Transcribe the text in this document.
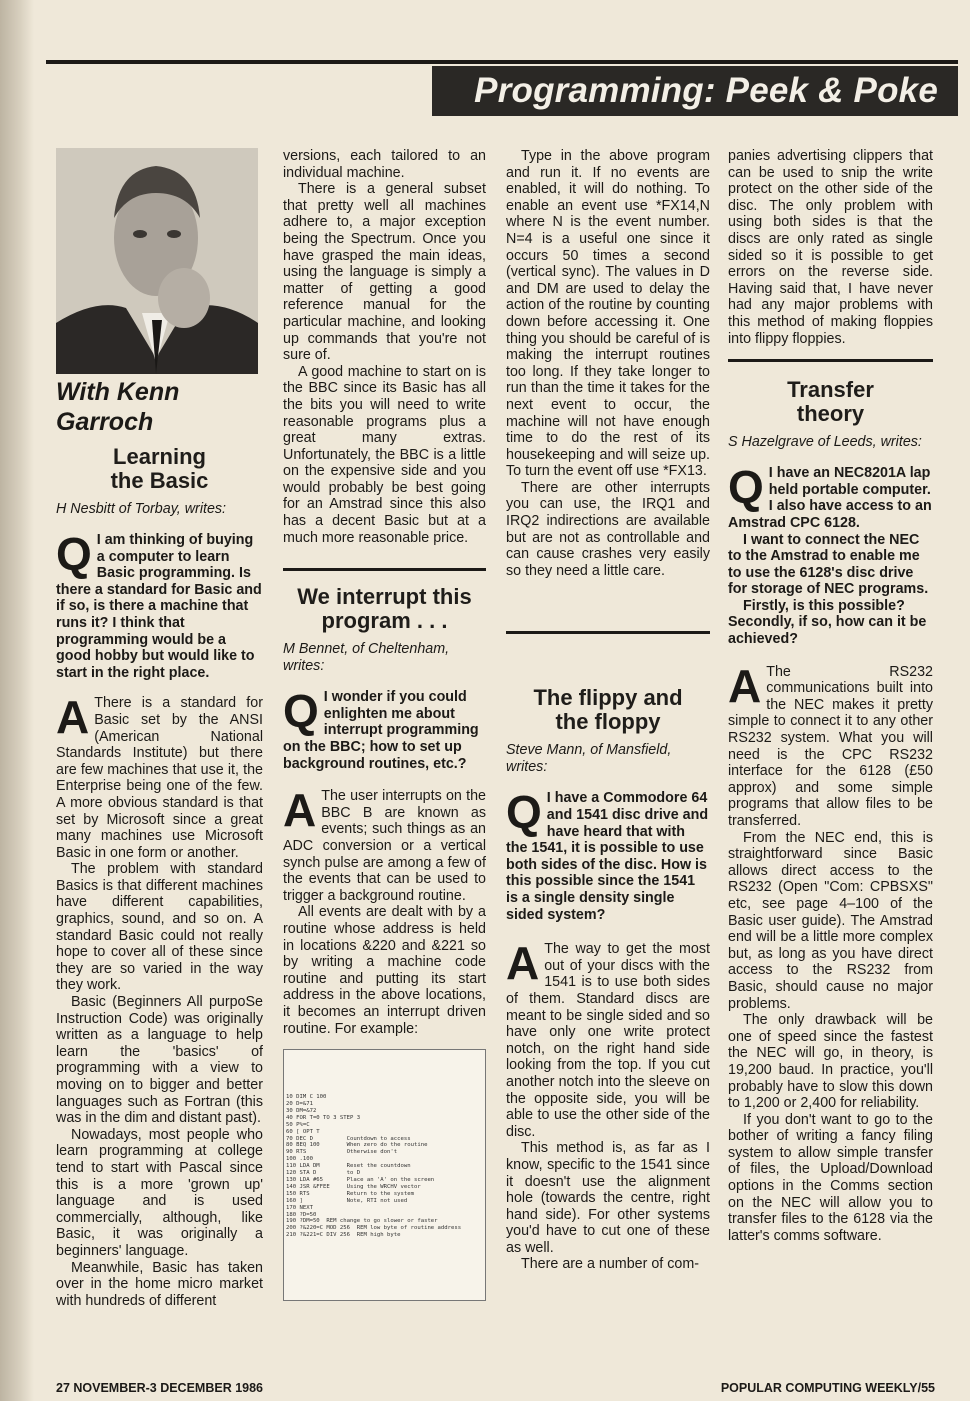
Programming: Peek & Poke
With Kenn Garroch
Learning
the Basic
H Nesbitt of Torbay, writes:
Q I am thinking of buying a computer to learn Basic programming. Is there a standard for Basic and if so, is there a machine that runs it? I think that programming would be a good hobby but would like to start in the right place.
A There is a standard for Basic set by the ANSI (American National Standards Institute) but there are few machines that use it, the Enterprise being one of the few. A more obvious standard is that set by Microsoft since a great many machines use Microsoft Basic in one form or another.

The problem with standard Basics is that different machines have different capabilities, graphics, sound, and so on. A standard Basic could not really hope to cover all of these since they are so varied in the way they work.

Basic (Beginners All purpoSe Instruction Code) was originally written as a language to help learn the 'basics' of programming with a view to moving on to bigger and better languages such as Fortran (this was in the dim and distant past).

Nowadays, most people who learn programming at college tend to start with Pascal since this is a more 'grown up' language and is used commercially, although, like Basic, it was originally a beginners' language.

Meanwhile, Basic has taken over in the home micro market with hundreds of different

versions, each tailored to an individual machine.

There is a general subset that pretty well all machines adhere to, a major exception being the Spectrum. Once you have grasped the main ideas, using the language is simply a matter of getting a good reference manual for the particular machine, and looking up commands that you're not sure of.

A good machine to start on is the BBC since its Basic has all the bits you will need to write reasonable programs plus a great many extras. Unfortunately, the BBC is a little on the expensive side and you would probably be best going for an Amstrad since this also has a decent Basic but at a much more reasonable price.

We interrupt this program . . .
M Bennet, of Cheltenham, writes:
Q I wonder if you could enlighten me about interrupt programming on the BBC; how to set up background routines, etc.?
A The user interrupts on the BBC B are known as events; such things as an ADC conversion or a vertical synch pulse are among a few of the events that can be used to trigger a background routine.

All events are dealt with by a routine whose address is held in locations &220 and &221 so by writing a machine code routine and putting its start address in the above locations, it becomes an interrupt driven routine. For example:

10 DIM C 100
20 D=&71
30 DM=&72
40 FOR T=0 TO 3 STEP 3
50 P%=C
60 [ OPT T
70 DEC D          Countdown to access
80 BEQ 100        When zero do the routine
90 RTS            Otherwise don't
100 .100
110 LDA DM        Reset the countdown
120 STA D         to D
130 LDA #65       Place an 'A' on the screen
140 JSR &FFEE     Using the WRCHV vector
150 RTS           Return to the system
160 ]             Note, RTI not used
170 NEXT
180 ?D=50
190 ?DM=50  REM change to go slower or faster
200 ?&220=C MOD 256  REM low byte of routine address
210 ?&221=C DIV 256  REM high byte

Type in the above program and run it. If no events are enabled, it will do nothing. To enable an event use *FX14,N where N is the event number. N=4 is a useful one since it occurs 50 times a second (vertical sync). The values in D and DM are used to delay the action of the routine by counting down before accessing it. One thing you should be careful of is making the interrupt routines too long. If they take longer to run than the time it takes for the next event to occur, the machine will not have enough time to do the rest of its housekeeping and will seize up. To turn the event off use *FX13.

There are other interrupts you can use, the IRQ1 and IRQ2 indirections are available but are not as controllable and can cause crashes very easily so they need a little care.

The flippy and
the floppy
Steve Mann, of Mansfield, writes:
Q I have a Commodore 64 and 1541 disc drive and have heard that with the 1541, it is possible to use both sides of the disc. How is this possible since the 1541 is a single density single sided system?
A The way to get the most out of your discs with the 1541 is to use both sides of them. Standard discs are meant to be single sided and so have only one write protect notch, on the right hand side looking from the top. If you cut another notch into the sleeve on the opposite side, you will be able to use the other side of the disc.

This method is, as far as I know, specific to the 1541 since it doesn't use the alignment hole (towards the centre, right hand side). For other systems you'd have to cut one of these as well.

There are a number of com-

panies advertising clippers that can be used to snip the write protect on the other side of the disc. The only problem with using both sides is that the discs are only rated as single sided so it is possible to get errors on the reverse side. Having said that, I have never had any major problems with this method of making floppies into flippy floppies.

Transfer
theory
S Hazelgrave of Leeds, writes:
Q I have an NEC8201A lap held portable computer. I also have access to an Amstrad CPC 6128.
I want to connect the NEC to the Amstrad to enable me to use the 6128's disc drive for storage of NEC programs.
Firstly, is this possible? Secondly, if so, how can it be achieved?
A The RS232 communications built into the NEC makes it pretty simple to connect it to any other RS232 system. What you will need is the CPC RS232 interface for the 6128 (£50 approx) and some simple programs that allow files to be transferred.

From the NEC end, this is straightforward since Basic allows direct access to the RS232 (Open "Com: CPBSXS" etc, see page 4–100 of the Basic user guide). The Amstrad end will be a little more complex but, as long as you have direct access to the RS232 from Basic, should cause no major problems.

The only drawback will be one of speed since the fastest the NEC will go, in theory, is 19,200 baud. In practice, you'll probably have to slow this down to 1,200 or 2,400 for reliability.

If you don't want to go to the bother of writing a fancy filing system to allow simple transfer of files, the Upload/Download options in the Comms section on the NEC will allow you to transfer files to the 6128 via the latter's comms software.

27 NOVEMBER-3 DECEMBER 1986	POPULAR COMPUTING WEEKLY/55
